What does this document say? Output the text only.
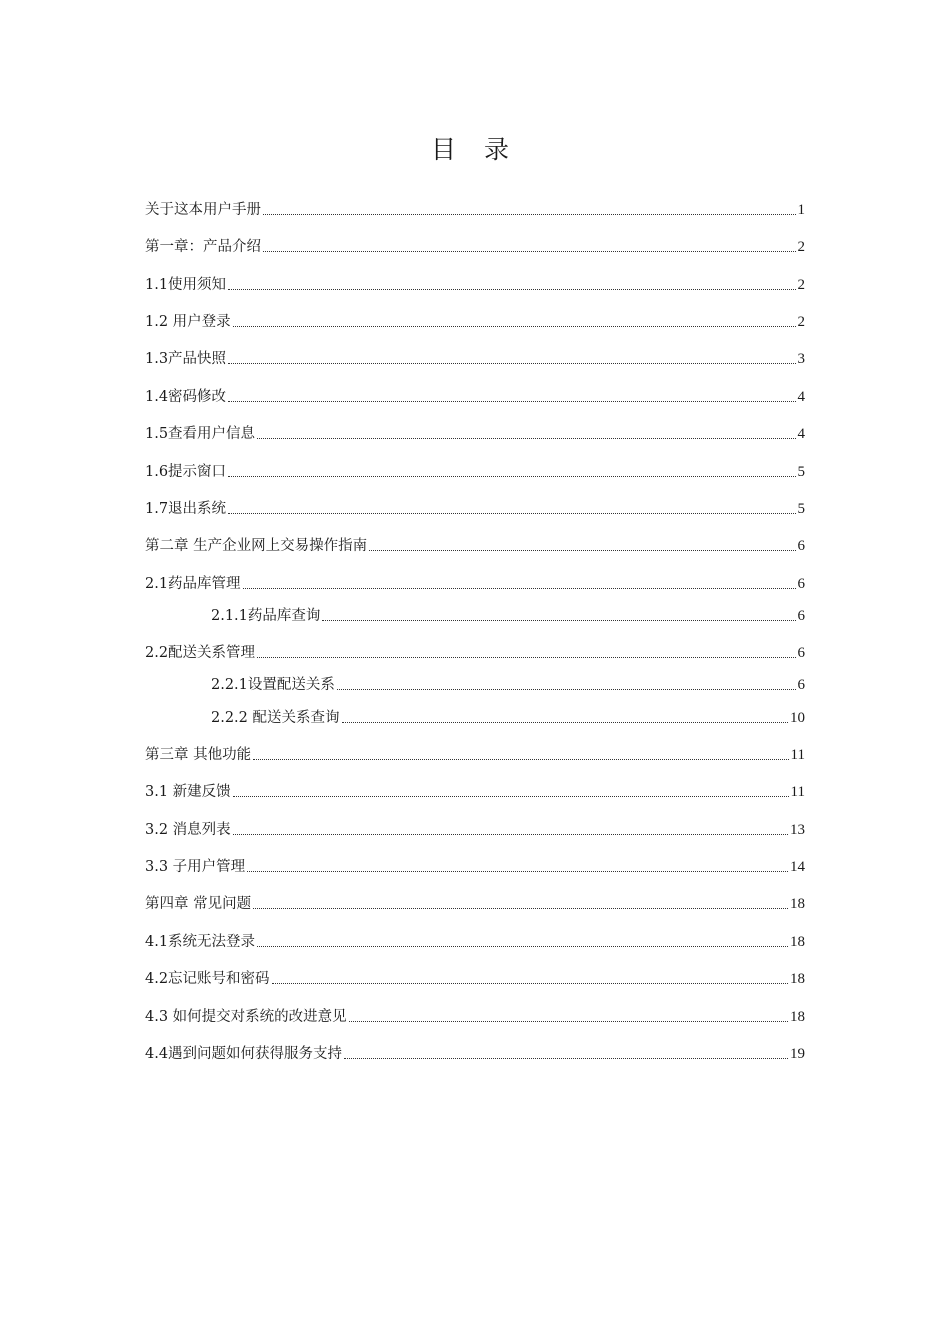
目 录
关于这本用户手册	1
第一章：产品介绍	2
1.1使用须知	2
1.2 用户登录	2
1.3产品快照	3
1.4密码修改	4
1.5查看用户信息	4
1.6提示窗口	5
1.7退出系统	5
第二章 生产企业网上交易操作指南	6
2.1药品库管理	6
2.1.1药品库查询	6
2.2配送关系管理	6
2.2.1设置配送关系	6
2.2.2 配送关系查询	10
第三章 其他功能	11
3.1 新建反馈	11
3.2 消息列表	13
3.3 子用户管理	14
第四章 常见问题	18
4.1系统无法登录	18
4.2忘记账号和密码	18
4.3 如何提交对系统的改进意见	18
4.4遇到问题如何获得服务支持	19
